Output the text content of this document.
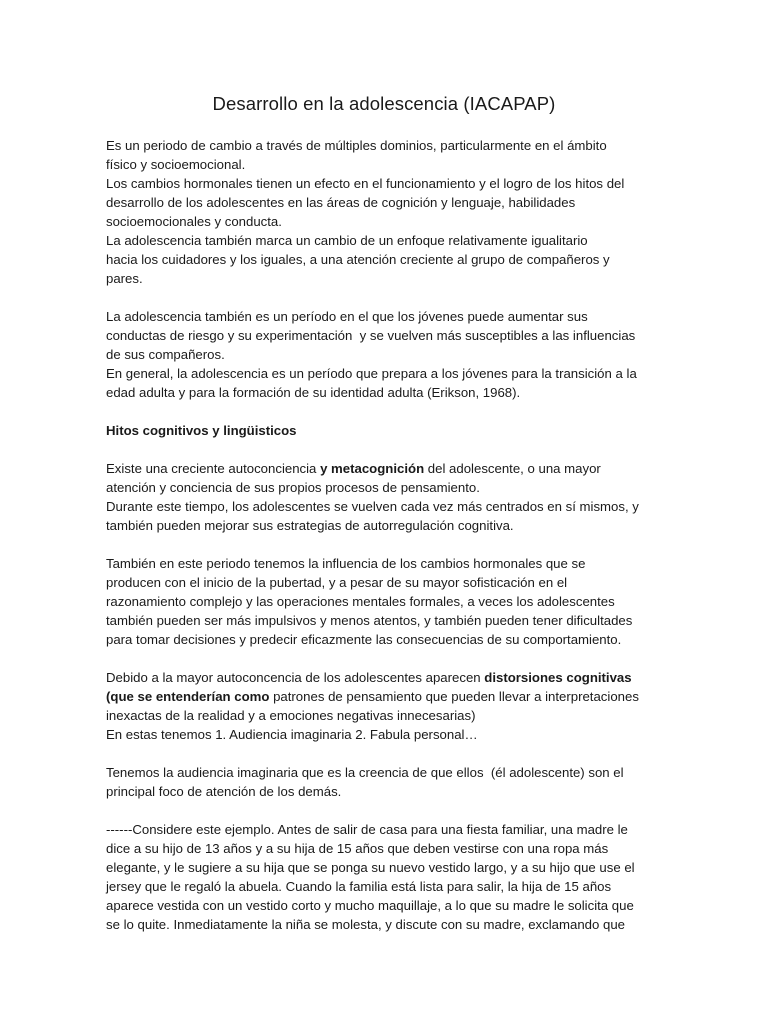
Desarrollo en la adolescencia (IACAPAP)
Es un periodo de cambio a través de múltiples dominios, particularmente en el ámbito
físico y socioemocional.
Los cambios hormonales tienen un efecto en el funcionamiento y el logro de los hitos del
desarrollo de los adolescentes en las áreas de cognición y lenguaje, habilidades
socioemocionales y conducta.
La adolescencia también marca un cambio de un enfoque relativamente igualitario
hacia los cuidadores y los iguales, a una atención creciente al grupo de compañeros y
pares.
La adolescencia también es un período en el que los jóvenes puede aumentar sus
conductas de riesgo y su experimentación  y se vuelven más susceptibles a las influencias
de sus compañeros.
En general, la adolescencia es un período que prepara a los jóvenes para la transición a la
edad adulta y para la formación de su identidad adulta (Erikson, 1968).
Hitos cognitivos y lingüisticos
Existe una creciente autoconciencia y metacognición del adolescente, o una mayor
atención y conciencia de sus propios procesos de pensamiento.
Durante este tiempo, los adolescentes se vuelven cada vez más centrados en sí mismos, y
también pueden mejorar sus estrategias de autorregulación cognitiva.
También en este periodo tenemos la influencia de los cambios hormonales que se
producen con el inicio de la pubertad, y a pesar de su mayor sofisticación en el
razonamiento complejo y las operaciones mentales formales, a veces los adolescentes
también pueden ser más impulsivos y menos atentos, y también pueden tener dificultades
para tomar decisiones y predecir eficazmente las consecuencias de su comportamiento.
Debido a la mayor autoconcencia de los adolescentes aparecen distorsiones cognitivas
(que se entenderían como patrones de pensamiento que pueden llevar a interpretaciones
inexactas de la realidad y a emociones negativas innecesarias)
En estas tenemos 1. Audiencia imaginaria 2. Fabula personal…
Tenemos la audiencia imaginaria que es la creencia de que ellos  (él adolescente) son el
principal foco de atención de los demás.
------Considere este ejemplo. Antes de salir de casa para una fiesta familiar, una madre le
dice a su hijo de 13 años y a su hija de 15 años que deben vestirse con una ropa más
elegante, y le sugiere a su hija que se ponga su nuevo vestido largo, y a su hijo que use el
jersey que le regaló la abuela. Cuando la familia está lista para salir, la hija de 15 años
aparece vestida con un vestido corto y mucho maquillaje, a lo que su madre le solicita que
se lo quite. Inmediatamente la niña se molesta, y discute con su madre, exclamando que
